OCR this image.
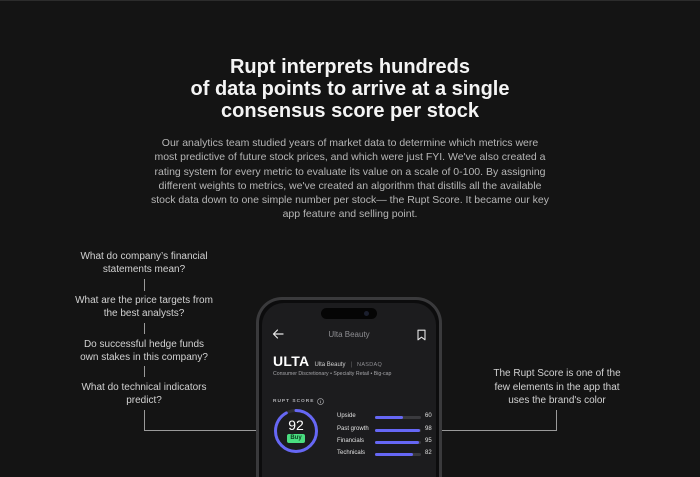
Rupt interprets hundreds
of data points to arrive at a single
consensus score per stock

Our analytics team studied years of market data to determine which metrics were most predictive of future stock prices, and which were just FYI. We've also created a rating system for every metric to evaluate its value on a scale of 0-100. By assigning different weights to metrics, we've created an algorithm that distills all the available stock data down to one simple number per stock— the Rupt Score. It became our key app feature and selling point.

What do company’s financial
statements mean?
What are the price targets from
the best analysts?
Do successful hedge funds
own stakes in this company?
What do technical indicators
predict?
The Rupt Score is one of the
few elements in the app that
uses the brand's color
Ulta Beauty
ULTA Ulta Beauty | NASDAQ
Consumer Discretionary • Specialty Retail • Big-cap
RUPT SCORE
92
Buy
Upside	60
Past growth	98
Financials	95
Technicals	82
